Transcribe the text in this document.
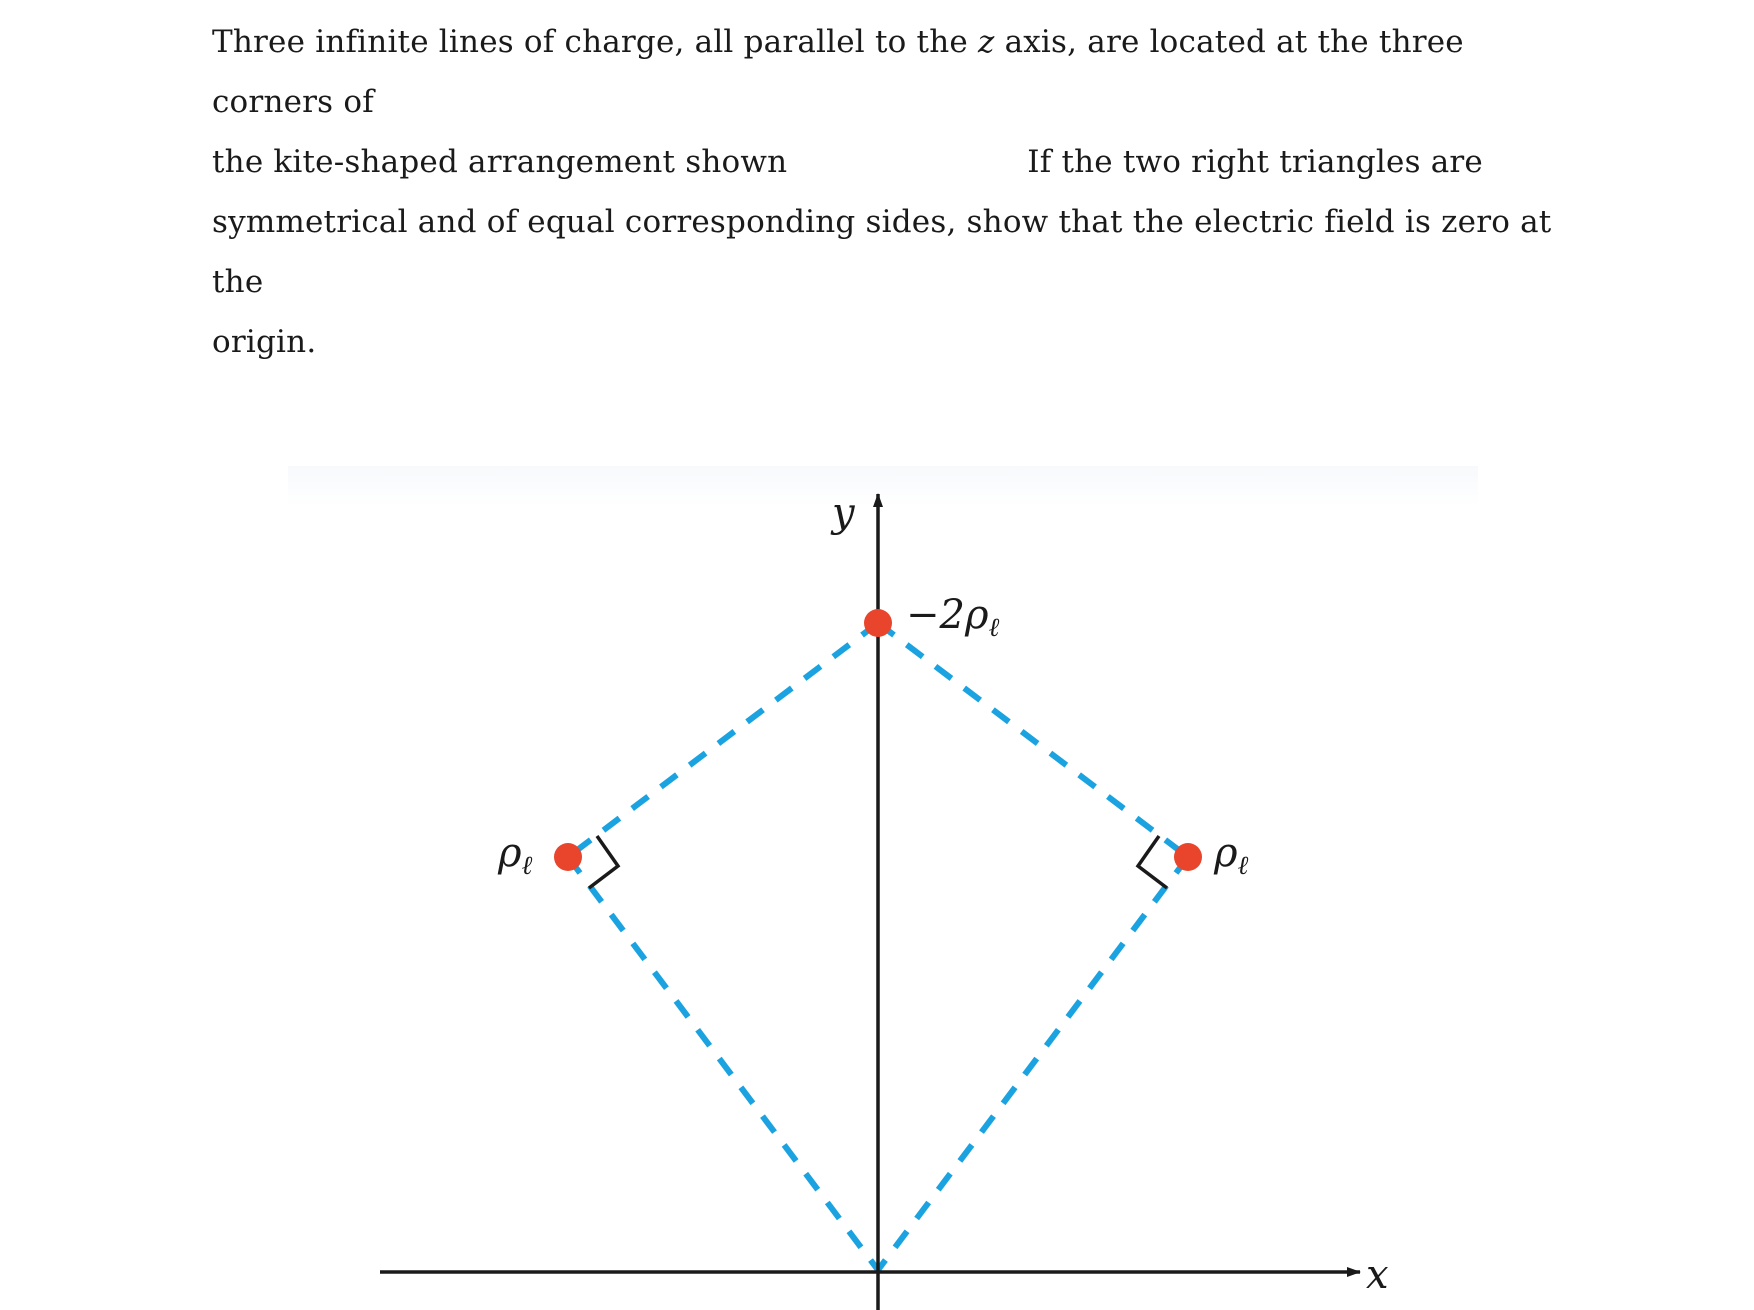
Three infinite lines of charge, all parallel to the z axis, are located at the three corners of
the kite-shaped arrangement shown	If the two right triangles are
symmetrical and of equal corresponding sides, show that the electric field is zero at the
origin.

y
x
$-2\rho_\ell$
$\rho_\ell$	$\rho_\ell$
